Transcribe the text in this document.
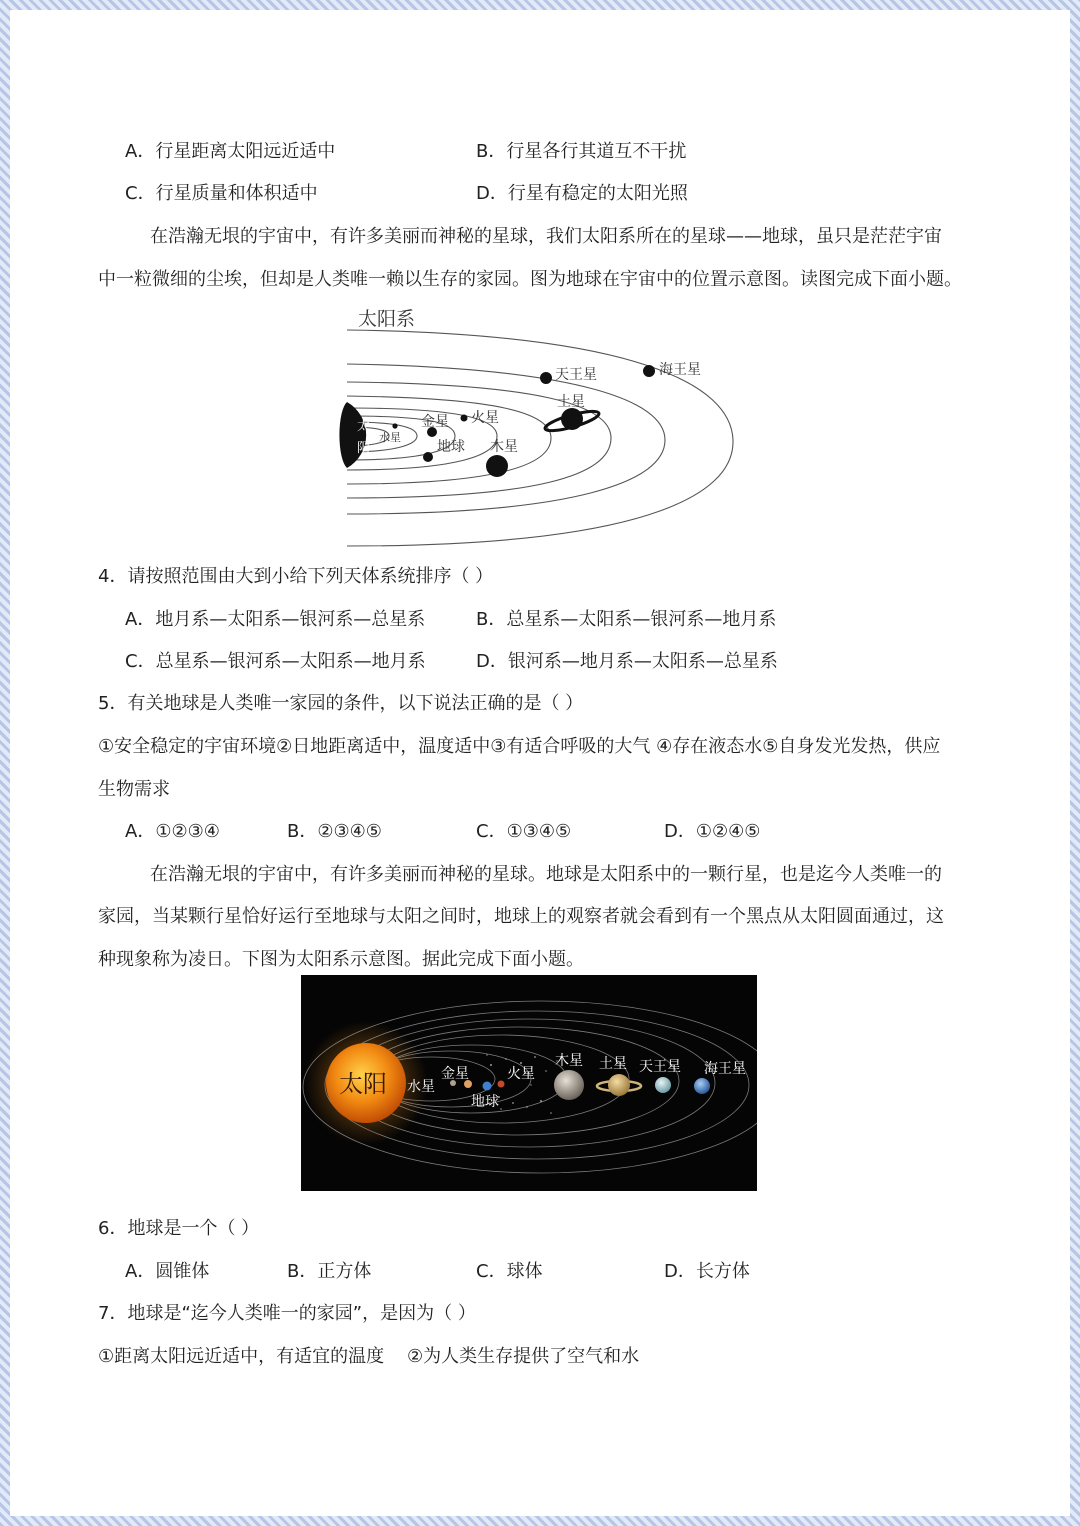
A．行星距离太阳远近适中	B．行星各行其道互不干扰
C．行星质量和体积适中	D．行星有稳定的太阳光照
在浩瀚无垠的宇宙中，有许多美丽而神秘的星球，我们太阳系所在的星球——地球，虽只是茫茫宇宙
中一粒微细的尘埃，但却是人类唯一赖以生存的家园。图为地球在宇宙中的位置示意图。读图完成下面小题。
太
阳
太阳系
水星
金星
地球
火星
木星
土星
天王星	海王星
4．请按照范围由大到小给下列天体系统排序（ ）
A．地月系—太阳系—银河系—总星系	B．总星系—太阳系—银河系—地月系
C．总星系—银河系—太阳系—地月系	D．银河系—地月系—太阳系—总星系
5．有关地球是人类唯一家园的条件，以下说法正确的是（ ）
①安全稳定的宇宙环境②日地距离适中，温度适中③有适合呼吸的大气 ④存在液态水⑤自身发光发热，供应
生物需求
A．①②③④	B．②③④⑤	C．①③④⑤	D．①②④⑤
在浩瀚无垠的宇宙中，有许多美丽而神秘的星球。地球是太阳系中的一颗行星，也是迄今人类唯一的
家园，当某颗行星恰好运行至地球与太阳之间时，地球上的观察者就会看到有一个黑点从太阳圆面通过，这
种现象称为凌日。下图为太阳系示意图。据此完成下面小题。
太阳 水星
金星
地球
火星
木星 土星 天王星 海王星
6．地球是一个（ ）
A．圆锥体	B．正方体	C．球体	D．长方体
7．地球是“迄今人类唯一的家园”，是因为（ ）
①距离太阳远近适中，有适宜的温度    ②为人类生存提供了空气和水
